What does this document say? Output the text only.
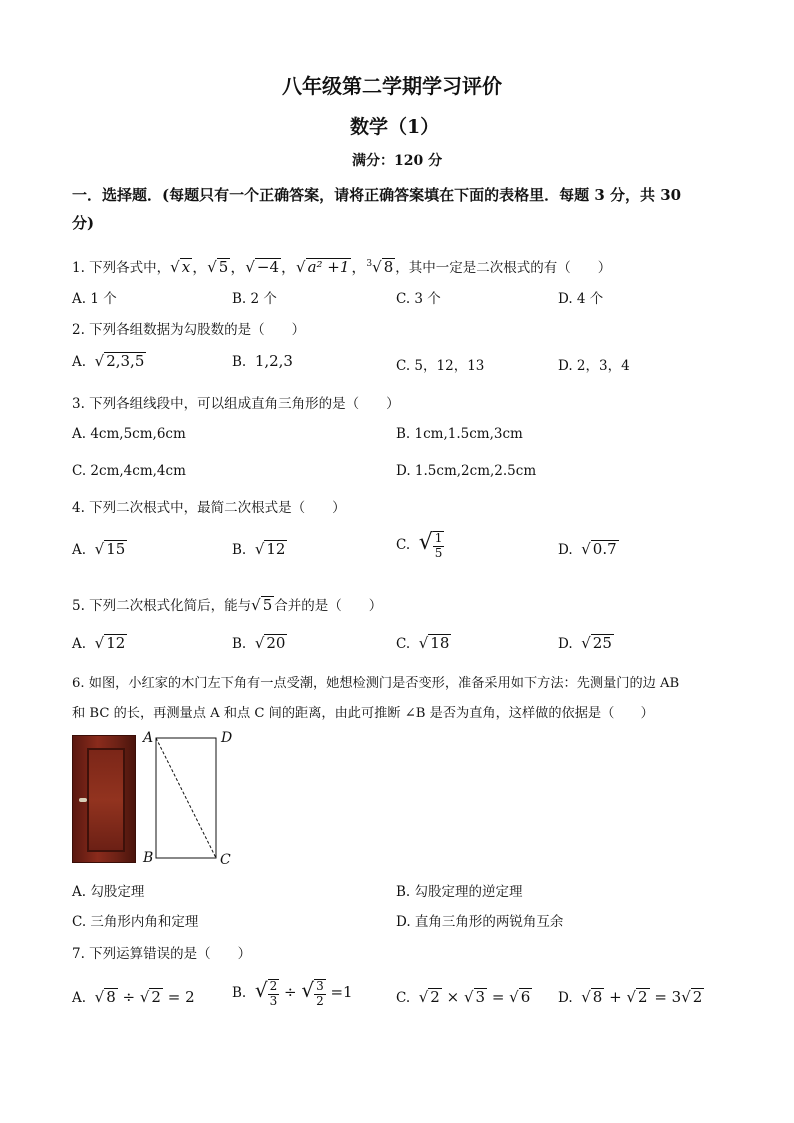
八年级第二学期学习评价
数学（1）
满分：120 分
一．选择题．(每题只有一个正确答案，请将正确答案填在下面的表格里．每题 3 分，共 30
分)
1. 下列各式中，√ x ，√ 5 ，√ −4 ，√ a² +1 ，$^3$√ 8 ，其中一定是二次根式的有（　　）
A. 1 个	B. 2 个	C. 3 个	D. 4 个
2. 下列各组数据为勾股数的是（　　）
A. √ 2,3,5	B. 1,2,3	C. 5，12，13	D. 2，3，4
3. 下列各组线段中，可以组成直角三角形的是（　　）
A. 4cm,5cm,6cm	B. 1cm,1.5cm,3cm
C. 2cm,4cm,4cm	D. 1.5cm,2cm,2.5cm
4. 下列二次根式中，最简二次根式是（　　）
A. √ 15	B. √ 12	C. √ $\frac{1}{5}$	D. √ 0.7
5. 下列二次根式化简后，能与√ 5 合并的是（　　）
A. √ 12	B. √ 20	C. √ 18	D. √ 25
6. 如图，小红家的木门左下角有一点受潮，她想检测门是否变形，准备采用如下方法：先测量门的边 AB
和 BC 的长，再测量点 A 和点 C 间的距离，由此可推断 ∠B 是否为直角，这样做的依据是（　　）
A	D
B	C
A. 勾股定理	B. 勾股定理的逆定理
C. 三角形内角和定理	D. 直角三角形的两锐角互余
7. 下列运算错误的是（　　）
A. √ 8 ÷ √ 2 = 2	B. √ $\frac{2}{3}$ ÷ √ $\frac{3}{2} =1$	C. √ 2 × √ 3 = √ 6 D. √ 8 + √ 2 = 3√ 2
